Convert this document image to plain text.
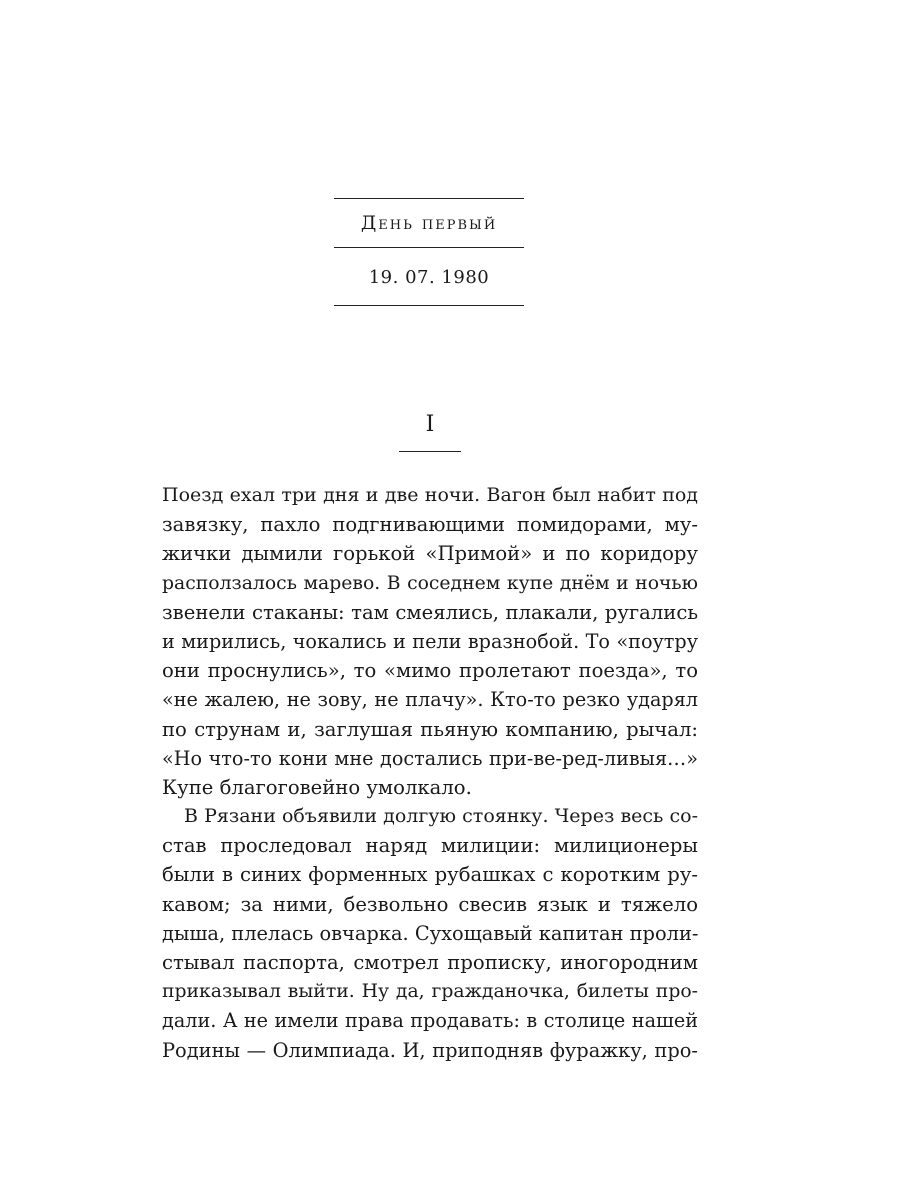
День первый
19. 07. 1980
I
Поезд ехал три дня и две ночи. Вагон был набит под
завязку, пахло подгнивающими помидорами, му-
жички дымили горькой «Примой» и по коридору
расползалось марево. В соседнем купе днём и ночью
звенели стаканы: там смеялись, плакали, ругались
и мирились, чокались и пели вразнобой. То «поутру
они проснулись», то «мимо пролетают поезда», то
«не жалею, не зову, не плачу». Кто-то резко ударял
по струнам и, заглушая пьяную компанию, рычал:
«Но что-то кони мне достались при-ве-ред-ливыя…»
Купе благоговейно умолкало.
В Рязани объявили долгую стоянку. Через весь со-
став проследовал наряд милиции: милиционеры
были в синих форменных рубашках с коротким ру-
кавом; за ними, безвольно свесив язык и тяжело
дыша, плелась овчарка. Сухощавый капитан проли-
стывал паспорта, смотрел прописку, иногородним
приказывал выйти. Ну да, гражданочка, билеты про-
дали. А не имели права продавать: в столице нашей
Родины — Олимпиада. И, приподняв фуражку, про-
